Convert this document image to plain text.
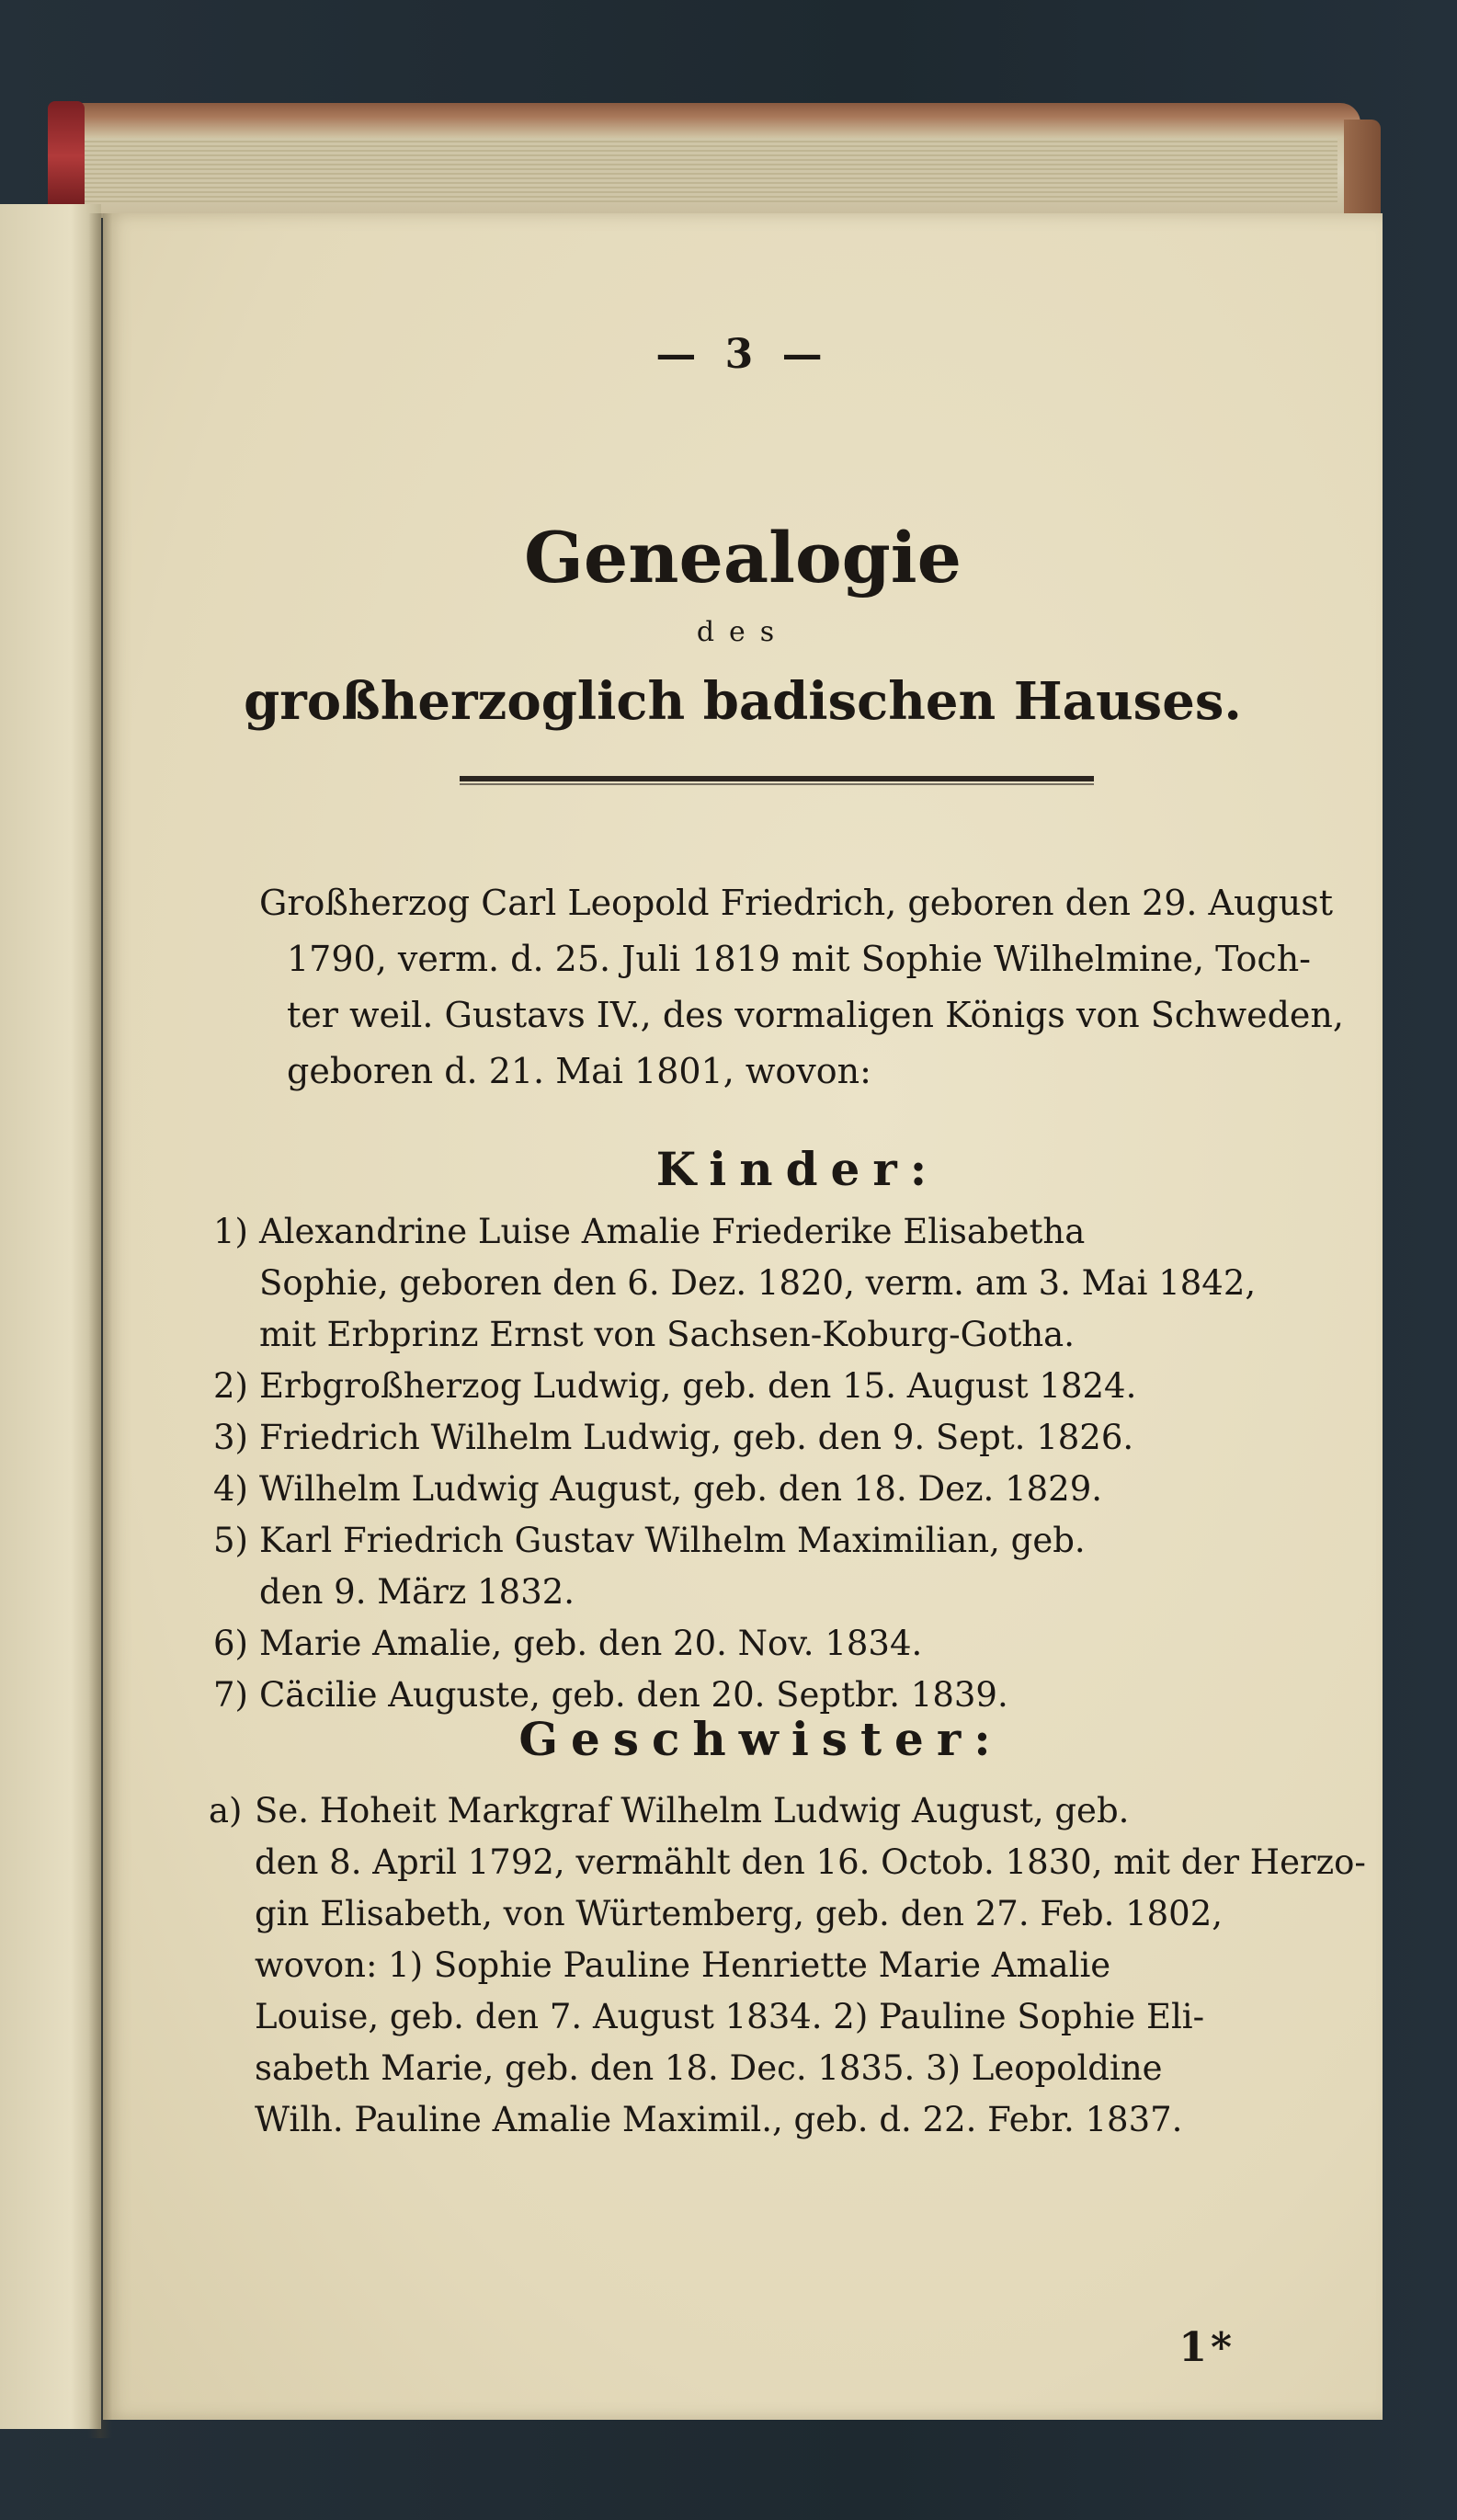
— 3 —
Genealogie
des
großherzoglich badischen Hauses.
Großherzog Carl Leopold Friedrich, geboren den 29. August
1790, verm. d. 25. Juli 1819 mit Sophie Wilhelmine, Toch-
ter weil. Gustavs IV., des vormaligen Königs von Schweden,
geboren d. 21. Mai 1801, wovon:
Kinder:
1) Alexandrine Luise Amalie Friederike Elisabetha
Sophie, geboren den 6. Dez. 1820, verm. am 3. Mai 1842,
mit Erbprinz Ernst von Sachsen-Koburg-Gotha.
2) Erbgroßherzog Ludwig, geb. den 15. August 1824.
3) Friedrich Wilhelm Ludwig, geb. den 9. Sept. 1826.
4) Wilhelm Ludwig August, geb. den 18. Dez. 1829.
5) Karl Friedrich Gustav Wilhelm Maximilian, geb.
den 9. März 1832.
6) Marie Amalie, geb. den 20. Nov. 1834.
7) Cäcilie Auguste, geb. den 20. Septbr. 1839.
Geschwister:
a) Se. Hoheit Markgraf Wilhelm Ludwig August, geb.
den 8. April 1792, vermählt den 16. Octob. 1830, mit der Herzo-
gin Elisabeth, von Würtemberg, geb. den 27. Feb. 1802,
wovon: 1) Sophie Pauline Henriette Marie Amalie
Louise, geb. den 7. August 1834. 2) Pauline Sophie Eli-
sabeth Marie, geb. den 18. Dec. 1835. 3) Leopoldine
Wilh. Pauline Amalie Maximil., geb. d. 22. Febr. 1837.
1*
